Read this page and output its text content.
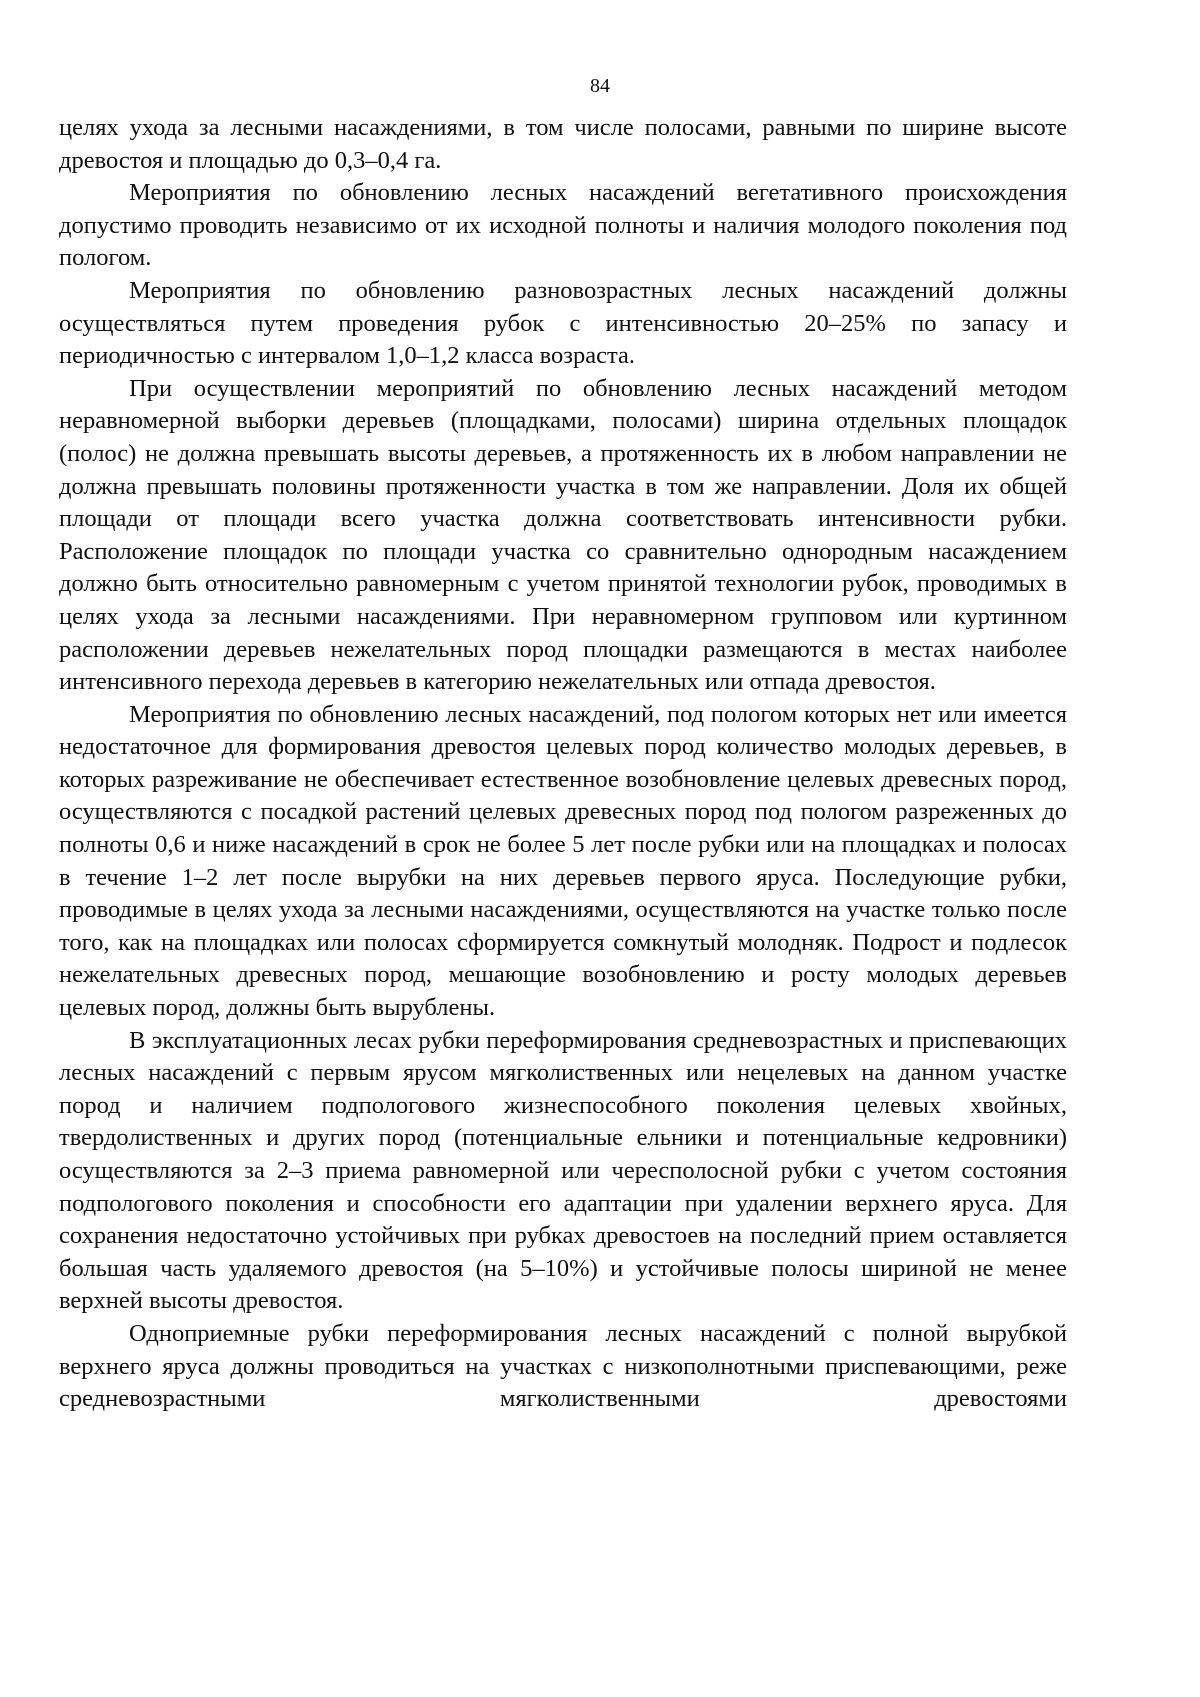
84

целях ухода за лесными насаждениями, в том числе полосами, равными по ширине высоте древостоя и площадью до 0,3–0,4 га.

Мероприятия по обновлению лесных насаждений вегетативного происхождения допустимо проводить независимо от их исходной полноты и наличия молодого поколения под пологом.

Мероприятия по обновлению разновозрастных лесных насаждений должны осуществляться путем проведения рубок с интенсивностью 20–25% по запасу и периодичностью с интервалом 1,0–1,2 класса возраста.

При осуществлении мероприятий по обновлению лесных насаждений методом неравномерной выборки деревьев (площадками, полосами) ширина отдельных площадок (полос) не должна превышать высоты деревьев, а протяженность их в любом направлении не должна превышать половины протяженности участка в том же направлении. Доля их общей площади от площади всего участка должна соответствовать интенсивности рубки. Расположение площадок по площади участка со сравнительно однородным насаждением должно быть относительно равномерным с учетом принятой технологии рубок, проводимых в целях ухода за лесными насаждениями. При неравномерном групповом или куртинном расположении деревьев нежелательных пород площадки размещаются в местах наиболее интенсивного перехода деревьев в категорию нежелательных или отпада древостоя.

Мероприятия по обновлению лесных насаждений, под пологом которых нет или имеется недостаточное для формирования древостоя целевых пород количество молодых деревьев, в которых разреживание не обеспечивает естественное возобновление целевых древесных пород, осуществляются с посадкой растений целевых древесных пород под пологом разреженных до полноты 0,6 и ниже насаждений в срок не более 5 лет после рубки или на площадках и полосах в течение 1–2 лет после вырубки на них деревьев первого яруса. Последующие рубки, проводимые в целях ухода за лесными насаждениями, осуществляются на участке только после того, как на площадках или полосах сформируется сомкнутый молодняк. Подрост и подлесок нежелательных древесных пород, мешающие возобновлению и росту молодых деревьев целевых пород, должны быть вырублены.

В эксплуатационных лесах рубки переформирования средневозрастных и приспевающих лесных насаждений с первым ярусом мягколиственных или нецелевых на данном участке пород и наличием подпологового жизнеспособного поколения целевых хвойных, твердолиственных и других пород (потенциальные ельники и потенциальные кедровники) осуществляются за 2–3 приема равномерной или чересполосной рубки с учетом состояния подпологового поколения и способности его адаптации при удалении верхнего яруса. Для сохранения недостаточно устойчивых при рубках древостоев на последний прием оставляется большая часть удаляемого древостоя (на 5–10%) и устойчивые полосы шириной не менее верхней высоты древостоя.

Одноприемные рубки переформирования лесных насаждений с полной вырубкой верхнего яруса должны проводиться на участках с низкополнотными приспевающими, реже средневозрастными мягколиственными древостоями
